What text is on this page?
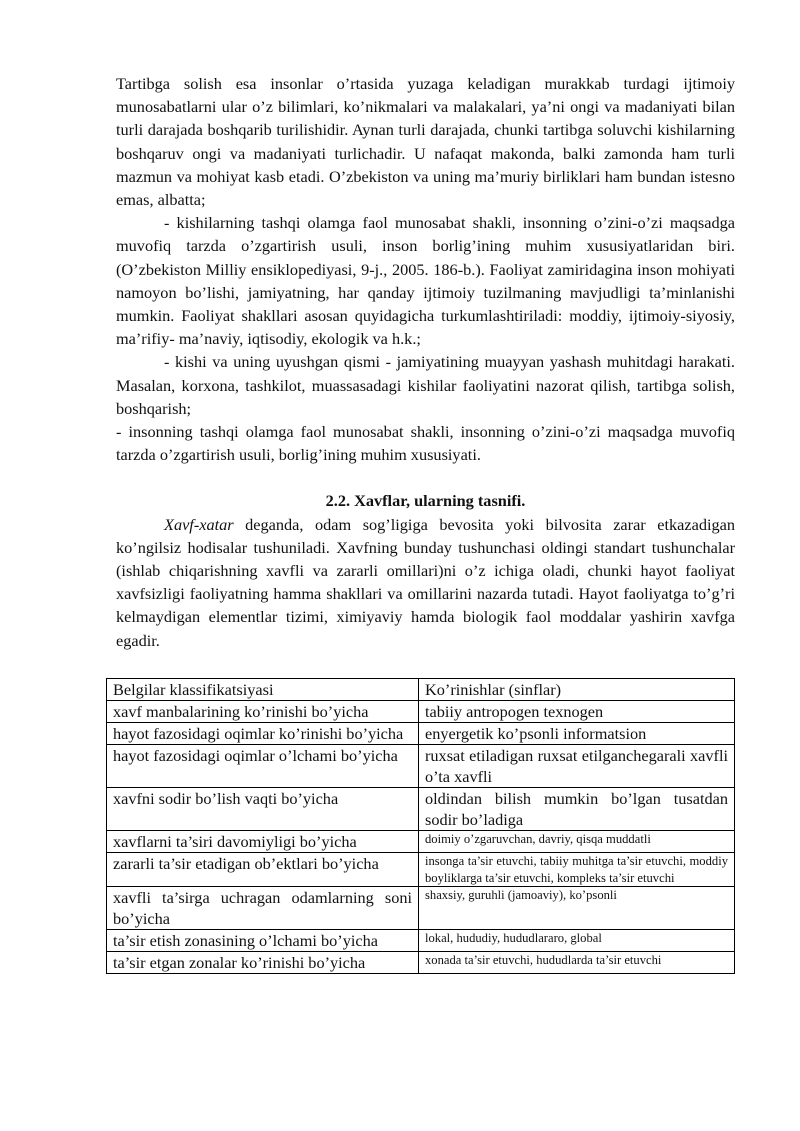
Tartibga solish esa insonlar o’rtasida yuzaga keladigan murakkab turdagi ijtimoiy munosabatlarni ular o’z bilimlari, ko’nikmalari va malakalari, ya’ni ongi va madaniyati bilan turli darajada boshqarib turilishidir. Aynan turli darajada, chunki tartibga soluvchi kishilarning boshqaruv ongi va madaniyati turlichadir. U nafaqat makonda, balki zamonda ham turli mazmun va mohiyat kasb etadi. O’zbekiston va uning ma’muriy birliklari ham bundan istesno emas, albatta;

- kishilarning tashqi olamga faol munosabat shakli, insonning o’zini-o’zi maqsadga muvofiq tarzda o’zgartirish usuli, inson borlig’ining muhim xususiyatlaridan biri. (O’zbekiston Milliy ensiklopediyasi, 9-j., 2005. 186-b.). Faoliyat zamiridagina inson mohiyati namoyon bo’lishi, jamiyatning, har qanday ijtimoiy tuzilmaning mavjudligi ta’minlanishi mumkin. Faoliyat shakllari asosan quyidagicha turkumlashtiriladi: moddiy, ijtimoiy-siyosiy, ma’rifiy- ma’naviy, iqtisodiy, ekologik va h.k.;

- kishi va uning uyushgan qismi - jamiyatining muayyan yashash muhitdagi harakati. Masalan, korxona, tashkilot, muassasadagi kishilar faoliyatini nazorat qilish, tartibga solish, boshqarish;

- insonning tashqi olamga faol munosabat shakli, insonning o’zini-o’zi maqsadga muvofiq tarzda o’zgartirish usuli, borlig’ining muhim xususiyati.

2.2. Xavflar, ularning tasnifi.

Xavf-xatar deganda, odam sog’ligiga bevosita yoki bilvosita zarar etkazadigan ko’ngilsiz hodisalar tushuniladi. Xavfning bunday tushunchasi oldingi standart tushunchalar (ishlab chiqarishning xavfli va zararli omillari)ni o’z ichiga oladi, chunki hayot faoliyat xavfsizligi faoliyatning hamma shakllari va omillarini nazarda tutadi. Hayot faoliyatga to’g’ri kelmaydigan elementlar tizimi, ximiyaviy hamda biologik faol moddalar yashirin xavfga egadir.

Belgilar klassifikatsiyasi	Ko’rinishlar (sinflar)
xavf manbalarining ko’rinishi bo’yicha	tabiiy antropogen texnogen
hayot fazosidagi oqimlar ko’rinishi bo’yicha	enyergetik ko’psonli informatsion
hayot fazosidagi oqimlar o’lchami bo’yicha	ruxsat etiladigan ruxsat etilganchegarali xavfli o’ta xavfli
xavfni sodir bo’lish vaqti bo’yicha	oldindan bilish mumkin bo’lgan tusatdan sodir bo’ladiga
xavflarni ta’siri davomiyligi bo’yicha	doimiy o’zgaruvchan, davriy, qisqa muddatli
zararli ta’sir etadigan ob’ektlari bo’yicha	insonga ta’sir etuvchi, tabiiy muhitga ta’sir etuvchi, moddiy boyliklarga ta’sir etuvchi, kompleks ta’sir etuvchi
xavfli ta’sirga uchragan odamlarning soni bo’yicha	shaxsiy, guruhli (jamoaviy), ko’psonli
ta’sir etish zonasining o’lchami bo’yicha	lokal, hududiy, hududlararo, global
ta’sir etgan zonalar ko’rinishi bo’yicha	xonada ta’sir etuvchi, hududlarda ta’sir etuvchi
